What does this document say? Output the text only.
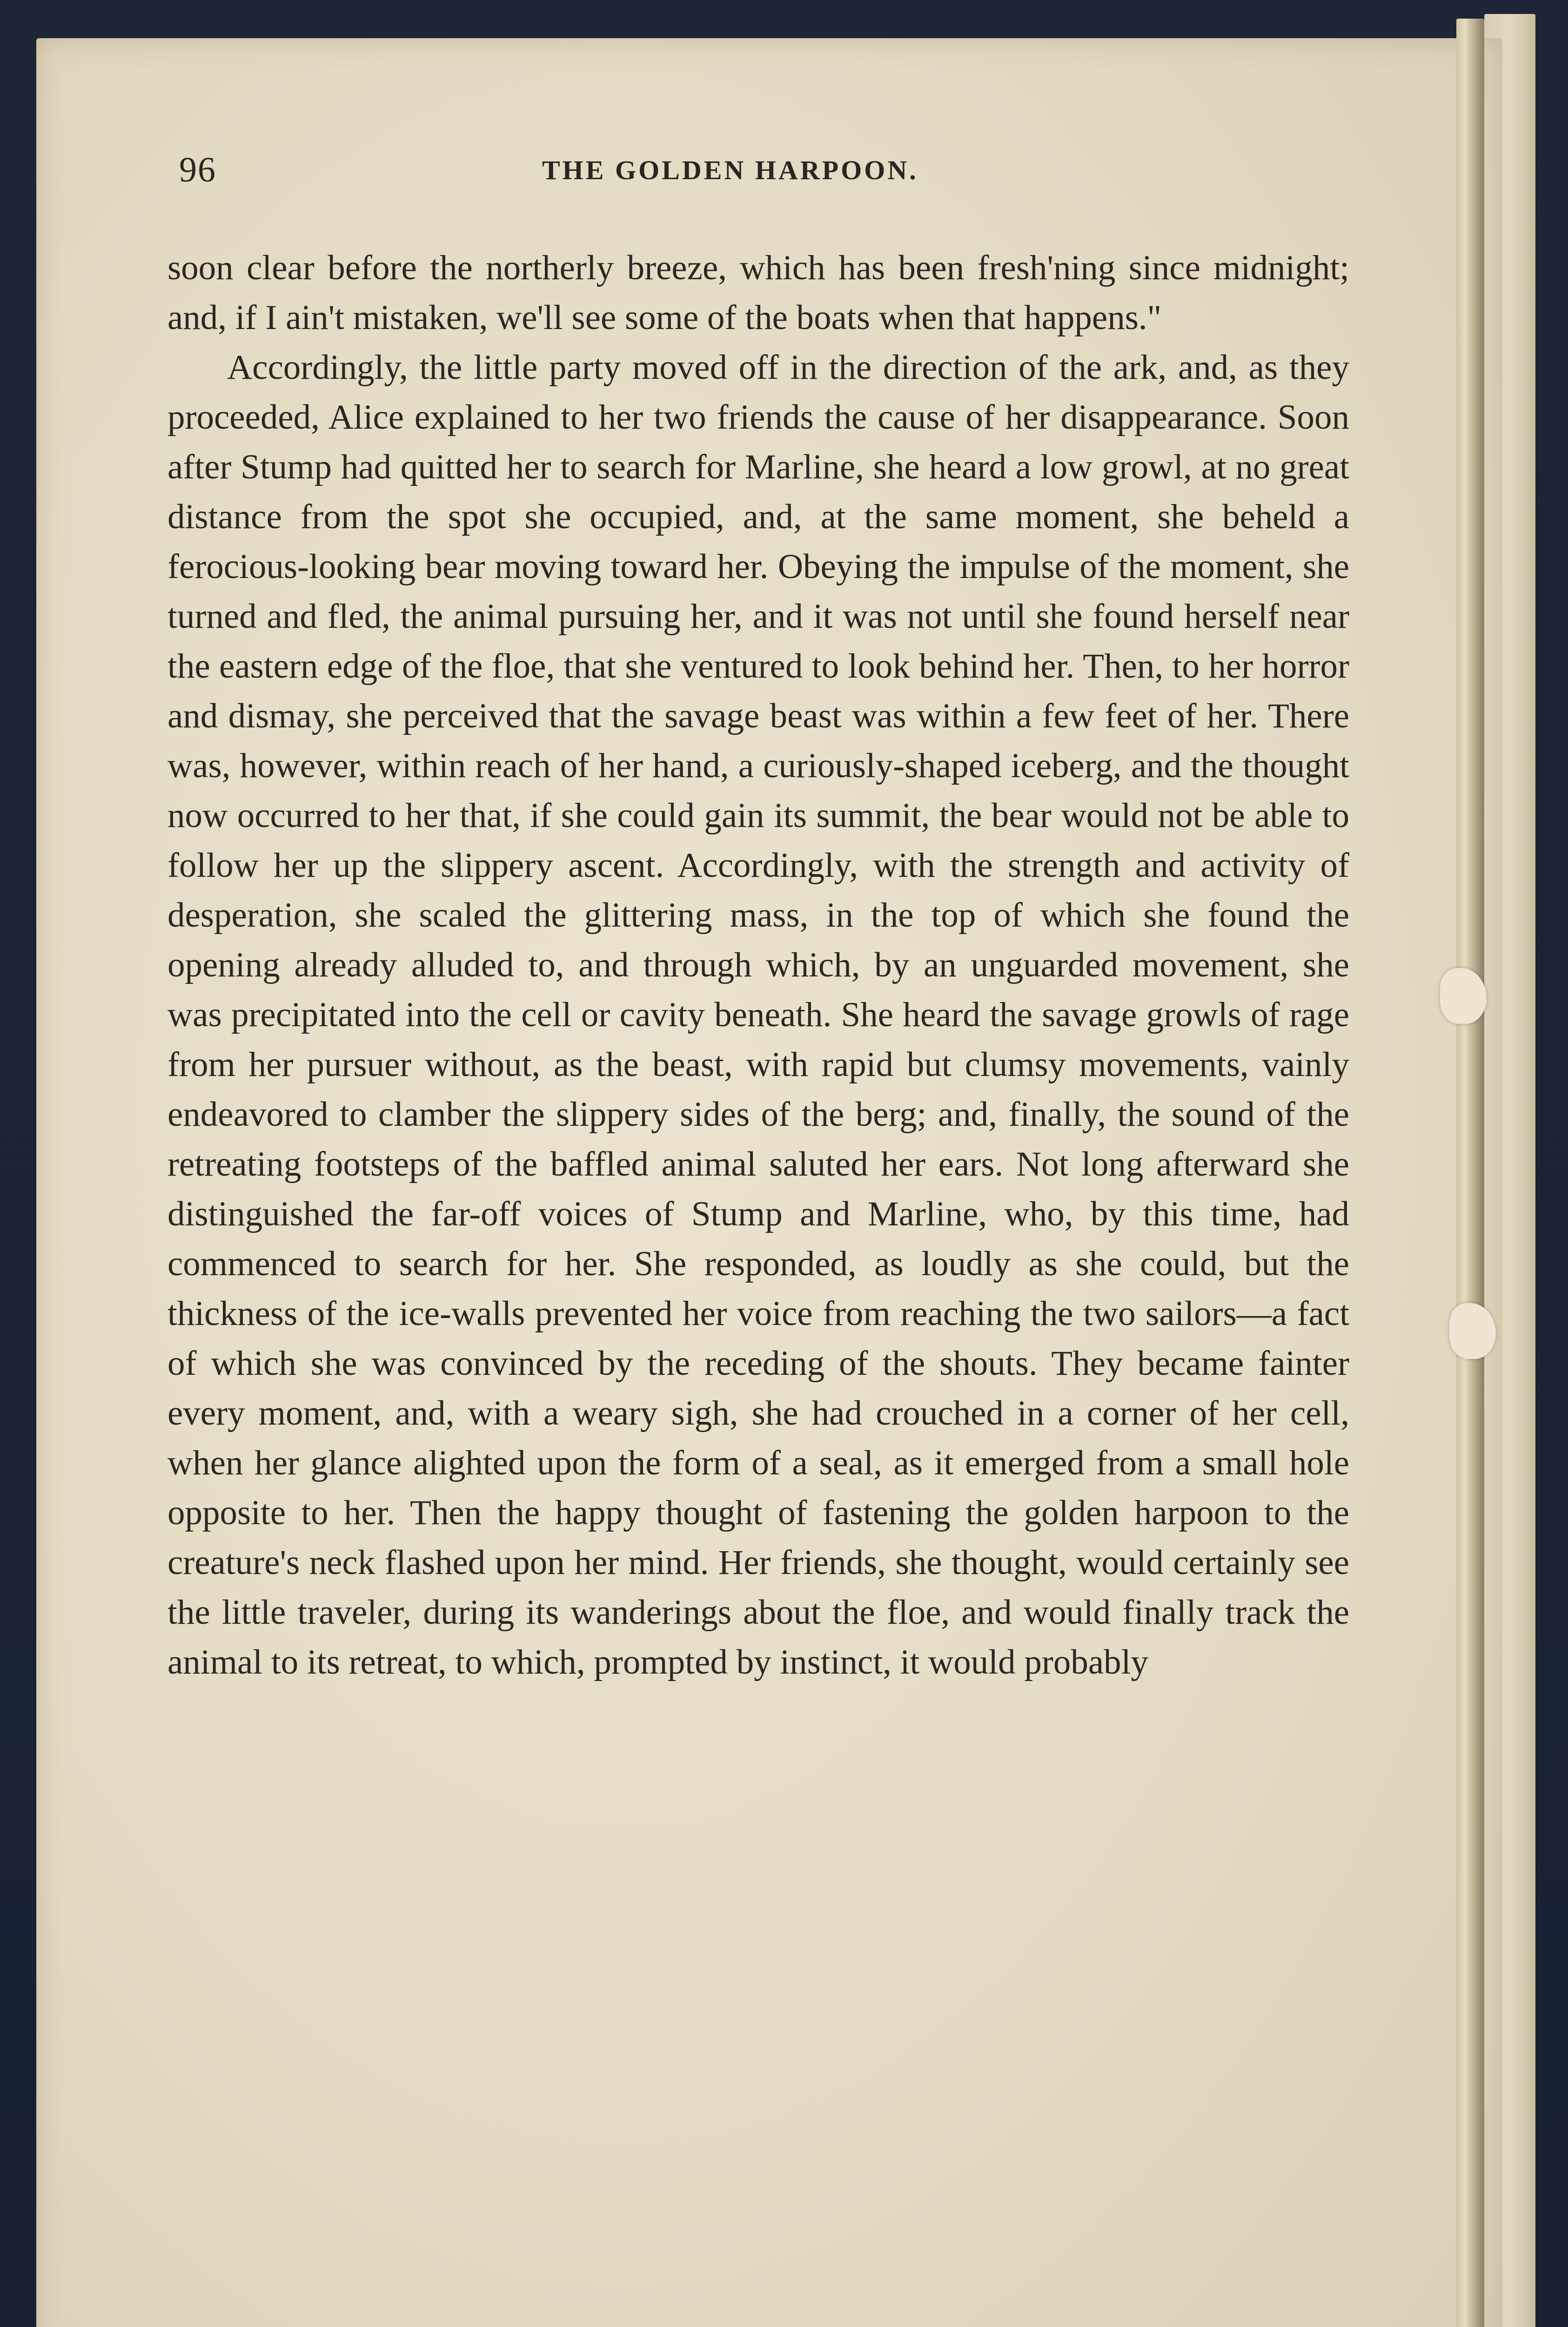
96	THE GOLDEN HARPOON.

soon clear before the northerly breeze, which has been fresh'ning since midnight; and, if I ain't mistaken, we'll see some of the boats when that happens."

Accordingly, the little party moved off in the direction of the ark, and, as they proceeded, Alice explained to her two friends the cause of her disappearance. Soon after Stump had quitted her to search for Marline, she heard a low growl, at no great distance from the spot she occupied, and, at the same moment, she beheld a ferocious-looking bear moving toward her. Obeying the impulse of the moment, she turned and fled, the animal pursuing her, and it was not until she found herself near the eastern edge of the floe, that she ventured to look behind her. Then, to her horror and dismay, she perceived that the savage beast was within a few feet of her. There was, however, within reach of her hand, a curiously-shaped iceberg, and the thought now occurred to her that, if she could gain its summit, the bear would not be able to follow her up the slippery ascent. Accordingly, with the strength and activity of desperation, she scaled the glittering mass, in the top of which she found the opening already alluded to, and through which, by an unguarded movement, she was precipitated into the cell or cavity beneath. She heard the savage growls of rage from her pursuer without, as the beast, with rapid but clumsy movements, vainly endeavored to clamber the slippery sides of the berg; and, finally, the sound of the retreating footsteps of the baffled animal saluted her ears. Not long afterward she distinguished the far-off voices of Stump and Marline, who, by this time, had commenced to search for her. She responded, as loudly as she could, but the thickness of the ice-walls prevented her voice from reaching the two sailors—a fact of which she was convinced by the receding of the shouts. They became fainter every moment, and, with a weary sigh, she had crouched in a corner of her cell, when her glance alighted upon the form of a seal, as it emerged from a small hole opposite to her. Then the happy thought of fastening the golden harpoon to the creature's neck flashed upon her mind. Her friends, she thought, would certainly see the little traveler, during its wanderings about the floe, and would finally track the animal to its retreat, to which, prompted by instinct, it would probably
